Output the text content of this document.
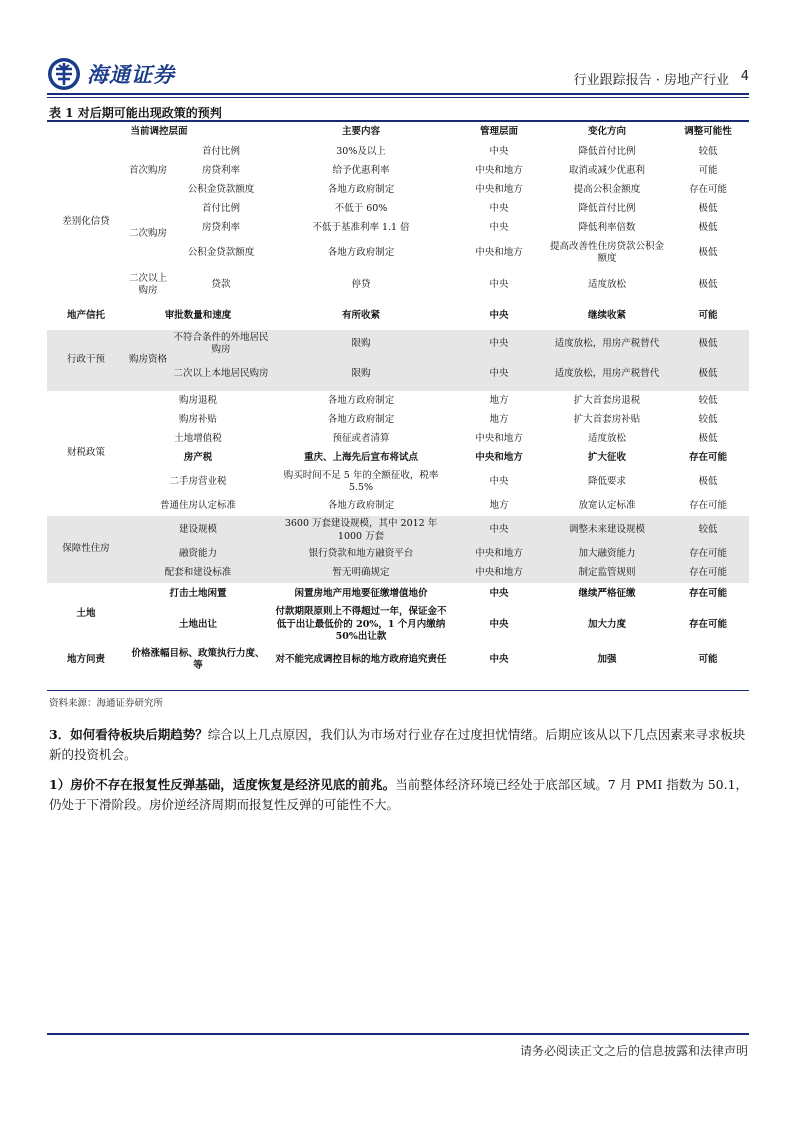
海通证券	行业跟踪报告 · 房地产行业 4
表 1 对后期可能出现政策的预判
当前调控层面			主要内容	管理层面	变化方向	调整可能性
差别化信贷	首次购房	首付比例	30%及以上	中央	降低首付比例	较低
		房贷利率	给予优惠利率	中央和地方	取消或减少优惠利	可能
		公积金贷款额度	各地方政府制定	中央和地方	提高公积金额度	存在可能
	二次购房	首付比例	不低于 60%	中央	降低首付比例	极低
		房贷利率	不低于基准利率 1.1 倍	中央	降低利率倍数	极低
		公积金贷款额度	各地方政府制定	中央和地方	提高改善性住房贷款公积金额度	极低
	二次以上购房	贷款	停贷	中央	适度放松	极低
地产信托	审批数量和速度		有所收紧	中央	继续收紧	可能
行政干预	购房资格	不符合条件的外地居民购房	限购	中央	适度放松，用房产税替代	极低
		二次以上本地居民购房	限购	中央	适度放松，用房产税替代	极低
财税政策	购房退税		各地方政府制定	地方	扩大首套房退税	较低
	购房补贴		各地方政府制定	地方	扩大首套房补贴	较低
	土地增值税		预征或者清算	中央和地方	适度放松	极低
	房产税		重庆、上海先后宣布将试点	中央和地方	扩大征收	存在可能
	二手房营业税		购买时间不足 5 年的全额征收，税率 5.5%	中央	降低要求	极低
	普通住房认定标准		各地方政府制定	地方	放宽认定标准	存在可能
保障性住房	建设规模		3600 万套建设规模，其中 2012 年 1000 万套	中央	调整未来建设规模	较低
	融资能力		银行贷款和地方融资平台	中央和地方	加大融资能力	存在可能
	配套和建设标准		暂无明确规定	中央和地方	制定监管规则	存在可能
土地	打击土地闲置		闲置房地产用地要征缴增值地价	中央	继续严格征缴	存在可能
	土地出让		付款期限原则上不得超过一年，保证金不低于出让最低价的 20%，1 个月内缴纳 50%出让款	中央	加大力度	存在可能
地方问责	价格涨幅目标、政策执行力度、等		对不能完成调控目标的地方政府追究责任	中央	加强	可能
资料来源：海通证券研究所
3．如何看待板块后期趋势？综合以上几点原因，我们认为市场对行业存在过度担忧情绪。后期应该从以下几点因素来寻求板块新的投资机会。
1）房价不存在报复性反弹基础，适度恢复是经济见底的前兆。当前整体经济环境已经处于底部区域。7 月 PMI 指数为 50.1，仍处于下滑阶段。房价逆经济周期而报复性反弹的可能性不大。
请务必阅读正文之后的信息披露和法律声明
